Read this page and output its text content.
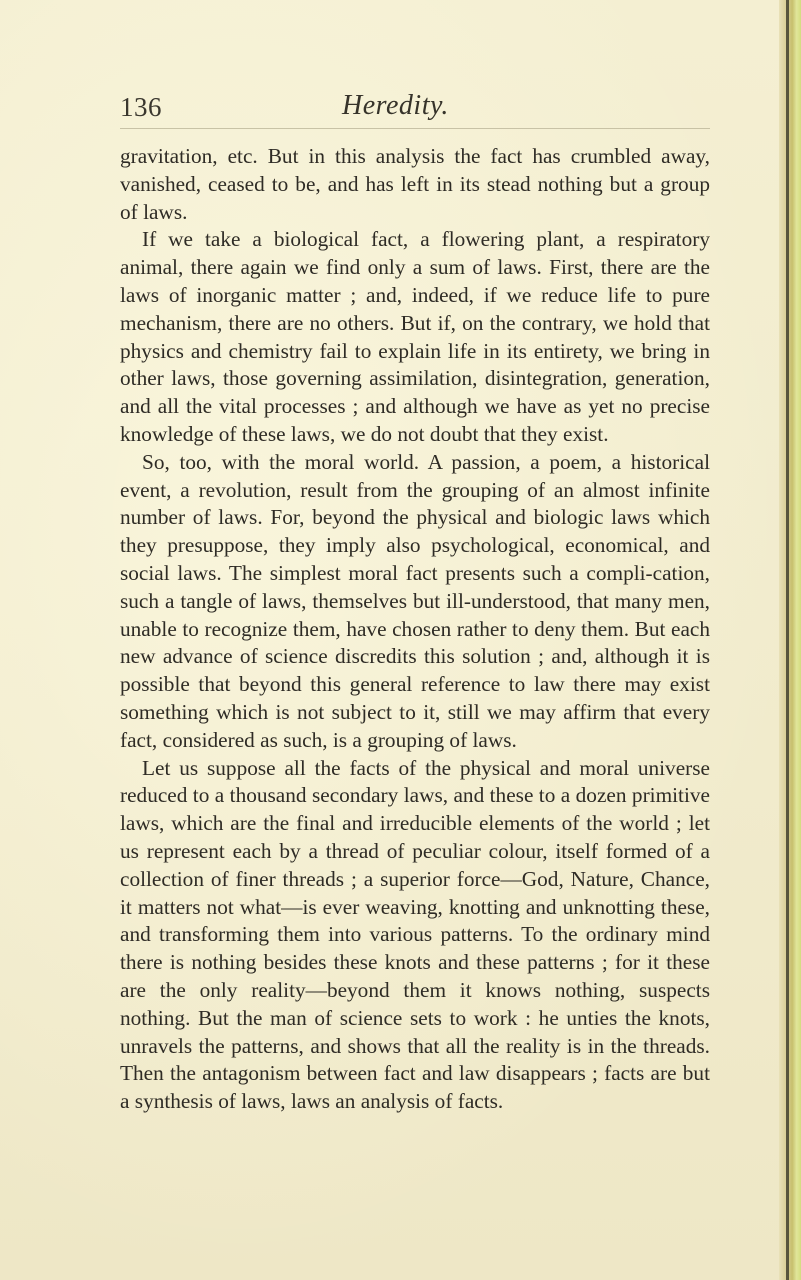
136	Heredity.

gravitation, etc. But in this analysis the fact has crumbled away, vanished, ceased to be, and has left in its stead nothing but a group of laws.

If we take a biological fact, a flowering plant, a respiratory animal, there again we find only a sum of laws. First, there are the laws of inorganic matter ; and, indeed, if we reduce life to pure mechanism, there are no others. But if, on the contrary, we hold that physics and chemistry fail to explain life in its entirety, we bring in other laws, those governing assimilation, disintegration, generation, and all the vital processes ; and although we have as yet no precise knowledge of these laws, we do not doubt that they exist.

So, too, with the moral world. A passion, a poem, a historical event, a revolution, result from the grouping of an almost infinite number of laws. For, beyond the physical and biologic laws which they presuppose, they imply also psychological, economical, and social laws. The simplest moral fact presents such a compli-cation, such a tangle of laws, themselves but ill-understood, that many men, unable to recognize them, have chosen rather to deny them. But each new advance of science discredits this solution ; and, although it is possible that beyond this general reference to law there may exist something which is not subject to it, still we may affirm that every fact, considered as such, is a grouping of laws.

Let us suppose all the facts of the physical and moral universe reduced to a thousand secondary laws, and these to a dozen primitive laws, which are the final and irreducible elements of the world ; let us represent each by a thread of peculiar colour, itself formed of a collection of finer threads ; a superior force—God, Nature, Chance, it matters not what—is ever weaving, knotting and unknotting these, and transforming them into various patterns. To the ordinary mind there is nothing besides these knots and these patterns ; for it these are the only reality—beyond them it knows nothing, suspects nothing. But the man of science sets to work : he unties the knots, unravels the patterns, and shows that all the reality is in the threads. Then the antagonism between fact and law disappears ; facts are but a synthesis of laws, laws an analysis of facts.
